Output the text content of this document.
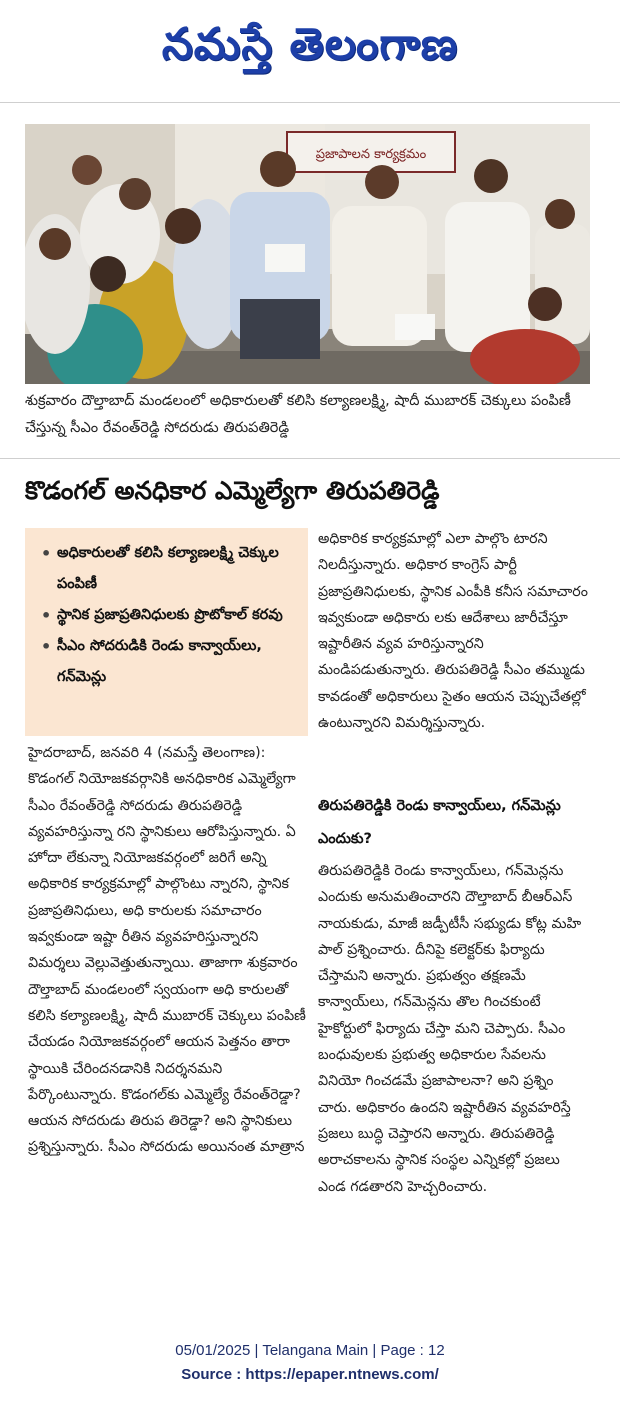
నమస్తే తెలంగాణ
ప్రజాపాలన కార్యక్రమం

శుక్రవారం దౌల్తాబాద్ మండలంలో అధికారులతో కలిసి కల్యాణలక్ష్మి, షాదీ ముబారక్ చెక్కులు పంపిణీ చేస్తున్న సీఎం రేవంత్‌రెడ్డి సోదరుడు తిరుపతిరెడ్డి

కొడంగల్ అనధికార ఎమ్మెల్యేగా తిరుపతిరెడ్డి
• అధికారులతో కలిసి కల్యాణలక్ష్మి చెక్కుల పంపిణీ
• స్థానిక ప్రజాప్రతినిధులకు ప్రొటోకాల్ కరవు
• సీఎం సోదరుడికి రెండు కాన్వాయ్‌లు, గన్‌మెన్లు

హైదరాబాద్, జనవరి 4 (నమస్తే తెలంగాణ): కొడంగల్ నియోజకవర్గానికి అనధికారిక ఎమ్మెల్యేగా సీఎం రేవంత్‌రెడ్డి సోదరుడు తిరుపతిరెడ్డి వ్యవహరిస్తున్నా రని స్థానికులు ఆరోపిస్తున్నారు. ఏ హోదా లేకున్నా నియోజకవర్గంలో జరిగే అన్ని అధికారిక కార్యక్రమాల్లో పాల్గొంటు న్నారని, స్థానిక ప్రజాప్రతినిధులు, అధి కారులకు సమాచారం ఇవ్వకుండా ఇష్టా రీతిన వ్యవహరిస్తున్నారని విమర్శలు వెల్లువెత్తుతున్నాయి. తాజాగా శుక్రవారం దౌల్తాబాద్ మండలంలో స్వయంగా అధి కారులతో కలిసి కల్యాణలక్ష్మి, షాదీ ముబారక్ చెక్కులు పంపిణీ చేయడం నియోజకవర్గంలో ఆయన పెత్తనం తారా స్థాయికి చేరిందనడానికి నిదర్శనమని పేర్కొంటున్నారు. కొడంగల్‌కు ఎమ్మెల్యే రేవంత్‌రెడ్డా? ఆయన సోదరుడు తిరుప తిరెడ్డా? అని స్థానికులు ప్రశ్నిస్తున్నారు. సీఎం సోదరుడు అయినంత మాత్రాన

అధికారిక కార్యక్రమాల్లో ఎలా పాల్గొం టారని నిలదీస్తున్నారు. అధికార కాంగ్రెస్ పార్టీ ప్రజాప్రతినిధులకు, స్థానిక ఎంపీకి కనీస సమాచారం ఇవ్వకుండా అధికారు లకు ఆదేశాలు జారీచేస్తూ ఇష్టారీతిన వ్యవ హరిస్తున్నారని మండిపడుతున్నారు. తిరుపతిరెడ్డి సీఎం తమ్ముడు కావడంతో అధికారులు సైతం ఆయన చెప్పుచేతల్లో ఉంటున్నారని విమర్శిస్తున్నారు.

తిరుపతిరెడ్డికి రెండు కాన్వాయ్‌లు, గన్‌మెన్లు ఎందుకు?

తిరుపతిరెడ్డికి రెండు కాన్వాయ్‌లు, గన్‌మెన్లను ఎందుకు అనుమతించారని దౌల్తాబాద్ బీఆర్‌ఎస్ నాయకుడు, మాజీ జడ్పీటీసీ సభ్యుడు కోట్ల మహి పాల్ ప్రశ్నించారు. దీనిపై కలెక్టర్‌కు ఫిర్యాదు చేస్తామని అన్నారు. ప్రభుత్వం తక్షణమే కాన్వాయ్‌లు, గన్‌మెన్లను తొల గించకుంటే హైకోర్టులో ఫిర్యాదు చేస్తా మని చెప్పారు. సీఎం బంధువులకు ప్రభుత్వ అధికారుల సేవలను వినియో గించడమే ప్రజాపాలనా? అని ప్రశ్నిం చారు. అధికారం ఉందని ఇష్టారీతిన వ్యవహరిస్తే ప్రజలు బుద్ధి చెప్తారని అన్నారు. తిరుపతిరెడ్డి అరాచకాలను స్థానిక సంస్థల ఎన్నికల్లో ప్రజలు ఎండ గడతారని హెచ్చరించారు.

05/01/2025 | Telangana Main | Page : 12
Source : https://epaper.ntnews.com/
